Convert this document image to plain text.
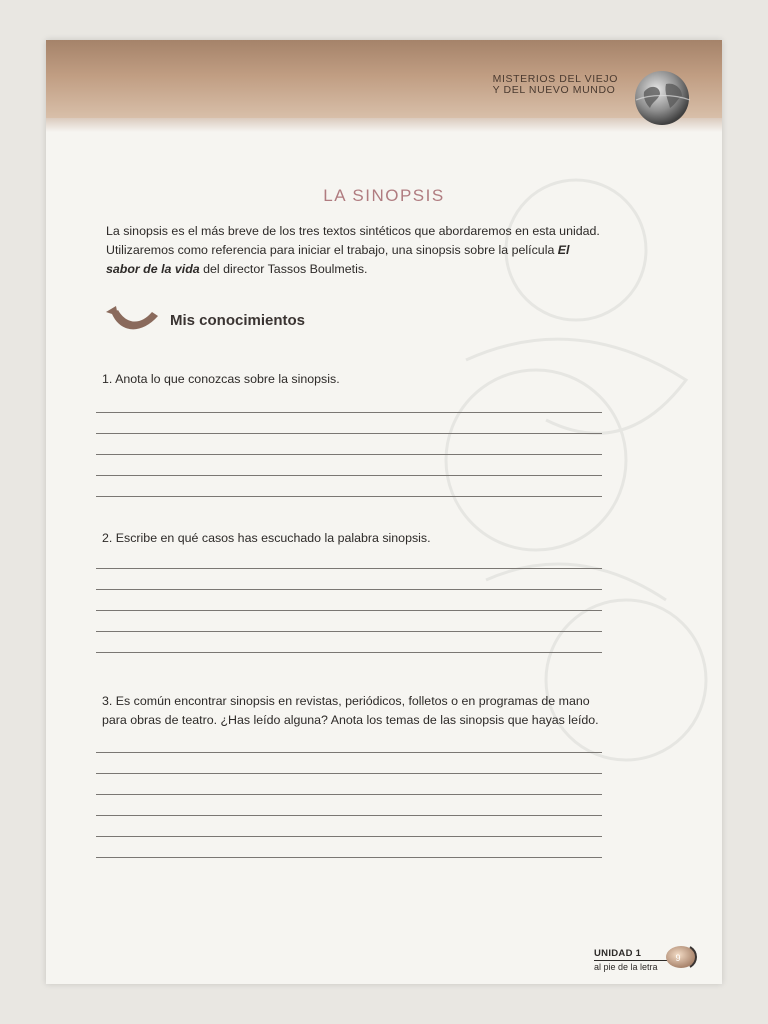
MISTERIOS DEL VIEJO
Y DEL NUEVO MUNDO
LA SINOPSIS

La sinopsis es el más breve de los tres textos sintéticos que abordaremos en esta unidad. Utilizaremos como referencia para iniciar el trabajo, una sinopsis sobre la película El sabor de la vida del director Tassos Boulmetis.

Mis conocimientos
1. Anota lo que conozcas sobre la sinopsis.
2. Escribe en qué casos has escuchado la palabra sinopsis.
3. Es común encontrar sinopsis en revistas, periódicos, folletos o en programas de mano para obras de teatro. ¿Has leído alguna? Anota los temas de las sinopsis que hayas leído.
UNIDAD 1
al pie de la letra
9
